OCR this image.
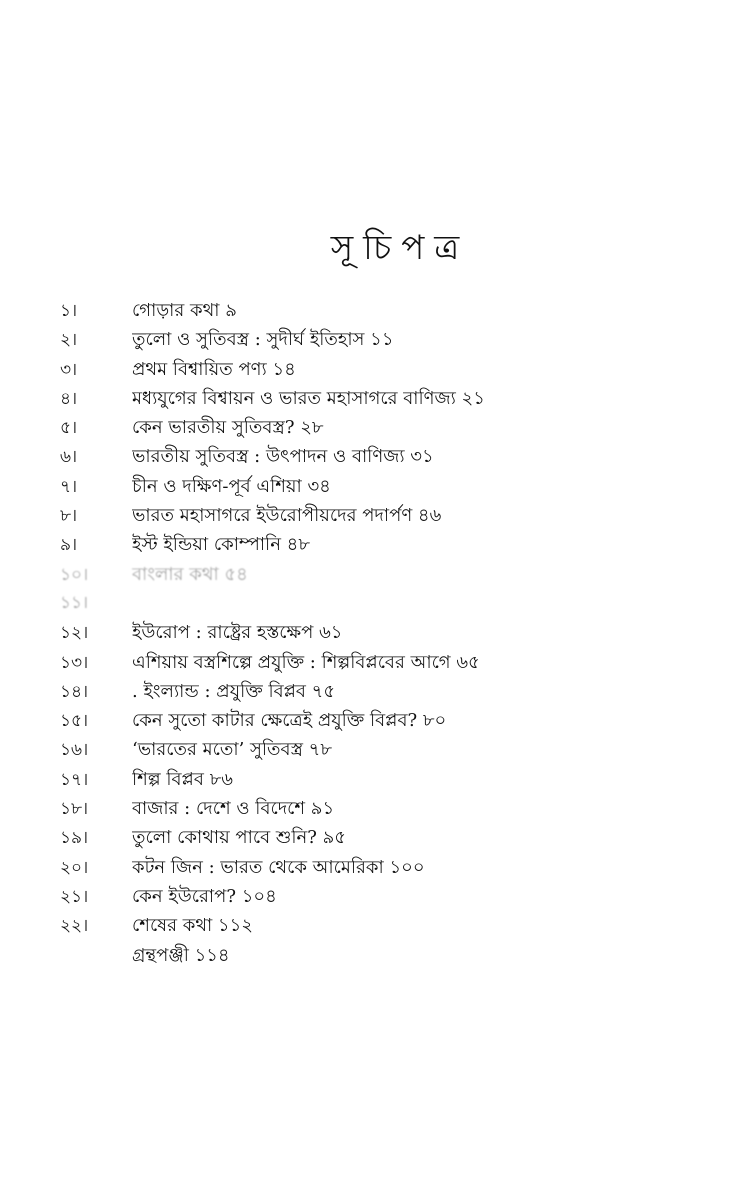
সূচিপত্র
১।	গোড়ার কথা ৯
২।	তুলো ও সুতিবস্ত্র : সুদীর্ঘ ইতিহাস ১১
৩।	প্রথম বিশ্বায়িত পণ্য ১৪
৪।	মধ্যযুগের বিশ্বায়ন ও ভারত মহাসাগরে বাণিজ্য ২১
৫।	কেন ভারতীয় সুতিবস্ত্র? ২৮
৬।	ভারতীয় সুতিবস্ত্র : উৎপাদন ও বাণিজ্য ৩১
৭।	চীন ও দক্ষিণ-পূর্ব এশিয়া ৩৪
৮।	ভারত মহাসাগরে ইউরোপীয়দের পদার্পণ ৪৬
৯।	ইস্ট ইন্ডিয়া কোম্পানি ৪৮
১০।	বাংলার কথা ৫৪
১১।
১২।	ইউরোপ : রাষ্ট্রের হস্তক্ষেপ ৬১
১৩।	এশিয়ায় বস্ত্রশিল্পে প্রযুক্তি : শিল্পবিপ্লবের আগে ৬৫
১৪।	. ইংল্যান্ড : প্রযুক্তি বিপ্লব ৭৫
১৫।	কেন সুতো কাটার ক্ষেত্রেই প্রযুক্তি বিপ্লব? ৮০
১৬।	‘ভারতের মতো’ সুতিবস্ত্র ৭৮
১৭।	শিল্প বিপ্লব ৮৬
১৮।	বাজার : দেশে ও বিদেশে ৯১
১৯।	তুলো কোথায় পাবে শুনি? ৯৫
২০।	কটন জিন : ভারত থেকে আমেরিকা ১০০
২১।	কেন ইউরোপ? ১০৪
২২।	শেষের কথা ১১২
গ্রন্থপঞ্জী ১১৪
